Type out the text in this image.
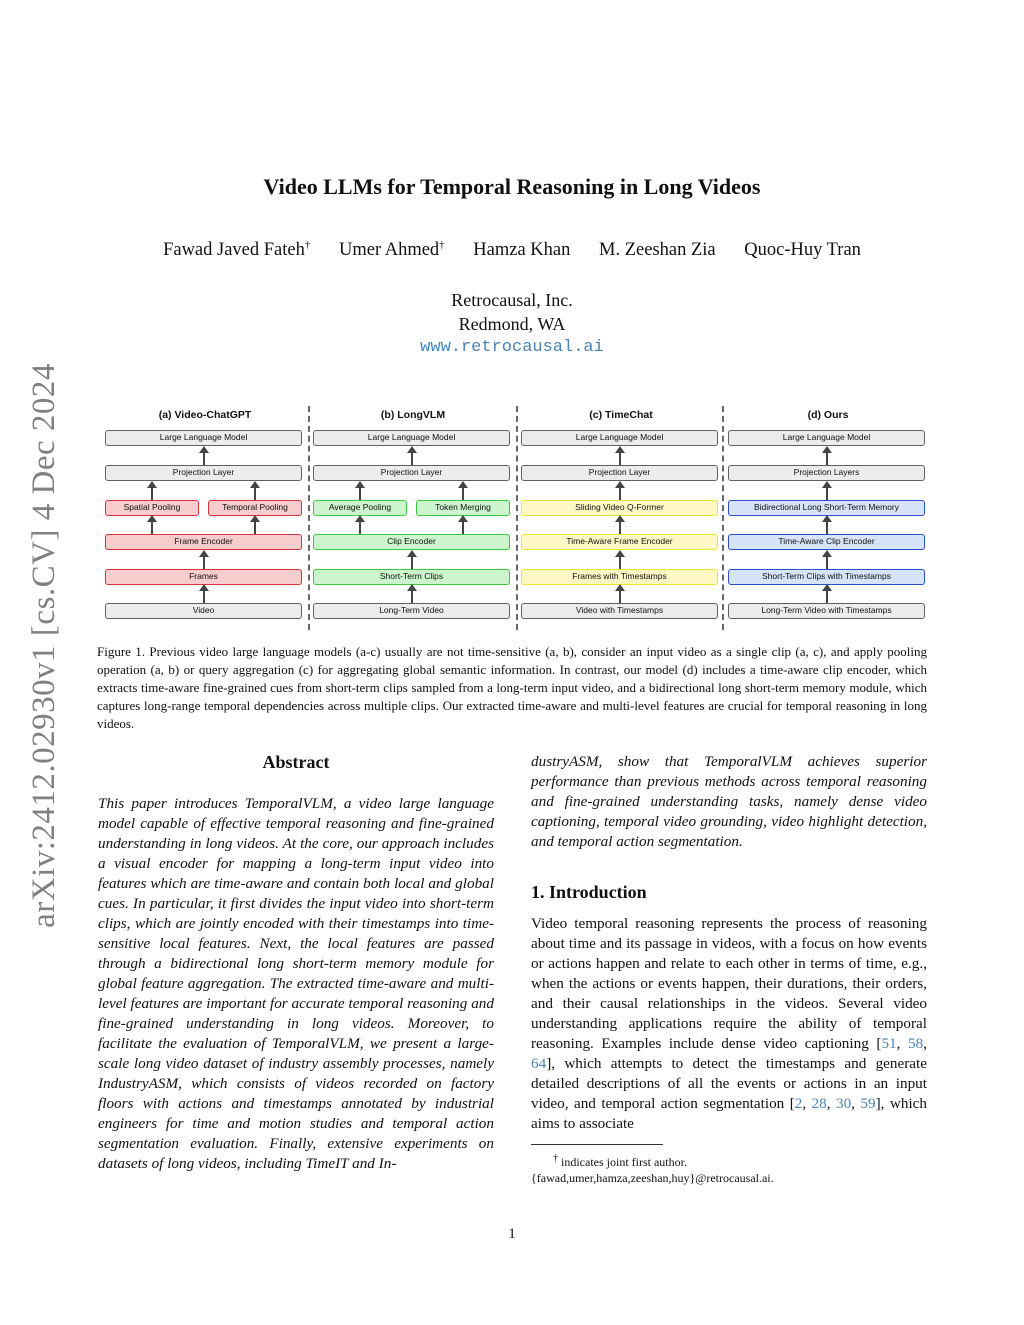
arXiv:2412.02930v1 [cs.CV] 4 Dec 2024
Video LLMs for Temporal Reasoning in Long Videos
Fawad Javed Fateh† Umer Ahmed† Hamza Khan M. Zeeshan Zia Quoc-Huy Tran
Retrocausal, Inc.
Redmond, WA
www.retrocausal.ai
(a) Video-ChatGPT
Large Language Model
Projection Layer
Spatial Pooling	Temporal Pooling
Frame Encoder
Frames
Video
(b) LongVLM
Large Language Model
Projection Layer
Average Pooling	Token Merging
Clip Encoder
Short-Term Clips
Long-Term Video
(c) TimeChat
Large Language Model
Projection Layer
Sliding Video Q-Former
Time-Aware Frame Encoder
Frames with Timestamps
Video with Timestamps
(d) Ours
Large Language Model
Projection Layers
Bidirectional Long Short-Term Memory
Time-Aware Clip Encoder
Short-Term Clips with Timestamps
Long-Term Video with Timestamps
Figure 1. Previous video large language models (a-c) usually are not time-sensitive (a, b), consider an input video as a single clip (a, c), and apply pooling operation (a, b) or query aggregation (c) for aggregating global semantic information. In contrast, our model (d) includes a time-aware clip encoder, which extracts time-aware fine-grained cues from short-term clips sampled from a long-term input video, and a bidirectional long short-term memory module, which captures long-range temporal dependencies across multiple clips. Our extracted time-aware and multi-level features are crucial for temporal reasoning in long videos.
Abstract
This paper introduces TemporalVLM, a video large language model capable of effective temporal reasoning and fine-grained understanding in long videos. At the core, our approach includes a visual encoder for mapping a long-term input video into features which are time-aware and contain both local and global cues. In particular, it first divides the input video into short-term clips, which are jointly encoded with their timestamps into time-sensitive local features. Next, the local features are passed through a bidirectional long short-term memory module for global feature aggregation. The extracted time-aware and multi-level features are important for accurate temporal reasoning and fine-grained understanding in long videos. Moreover, to facilitate the evaluation of TemporalVLM, we present a large-scale long video dataset of industry assembly processes, namely IndustryASM, which consists of videos recorded on factory floors with actions and timestamps annotated by industrial engineers for time and motion studies and temporal action segmentation evaluation. Finally, extensive experiments on datasets of long videos, including TimeIT and In-
dustryASM, show that TemporalVLM achieves superior performance than previous methods across temporal reasoning and fine-grained understanding tasks, namely dense video captioning, temporal video grounding, video highlight detection, and temporal action segmentation.
1. Introduction
Video temporal reasoning represents the process of reasoning about time and its passage in videos, with a focus on how events or actions happen and relate to each other in terms of time, e.g., when the actions or events happen, their durations, their orders, and their causal relationships in the videos. Several video understanding applications require the ability of temporal reasoning. Examples include dense video captioning [51, 58, 64], which attempts to detect the timestamps and generate detailed descriptions of all the events or actions in an input video, and temporal action segmentation [2, 28, 30, 59], which aims to associate
† indicates joint first author.
{fawad,umer,hamza,zeeshan,huy}@retrocausal.ai.
1
